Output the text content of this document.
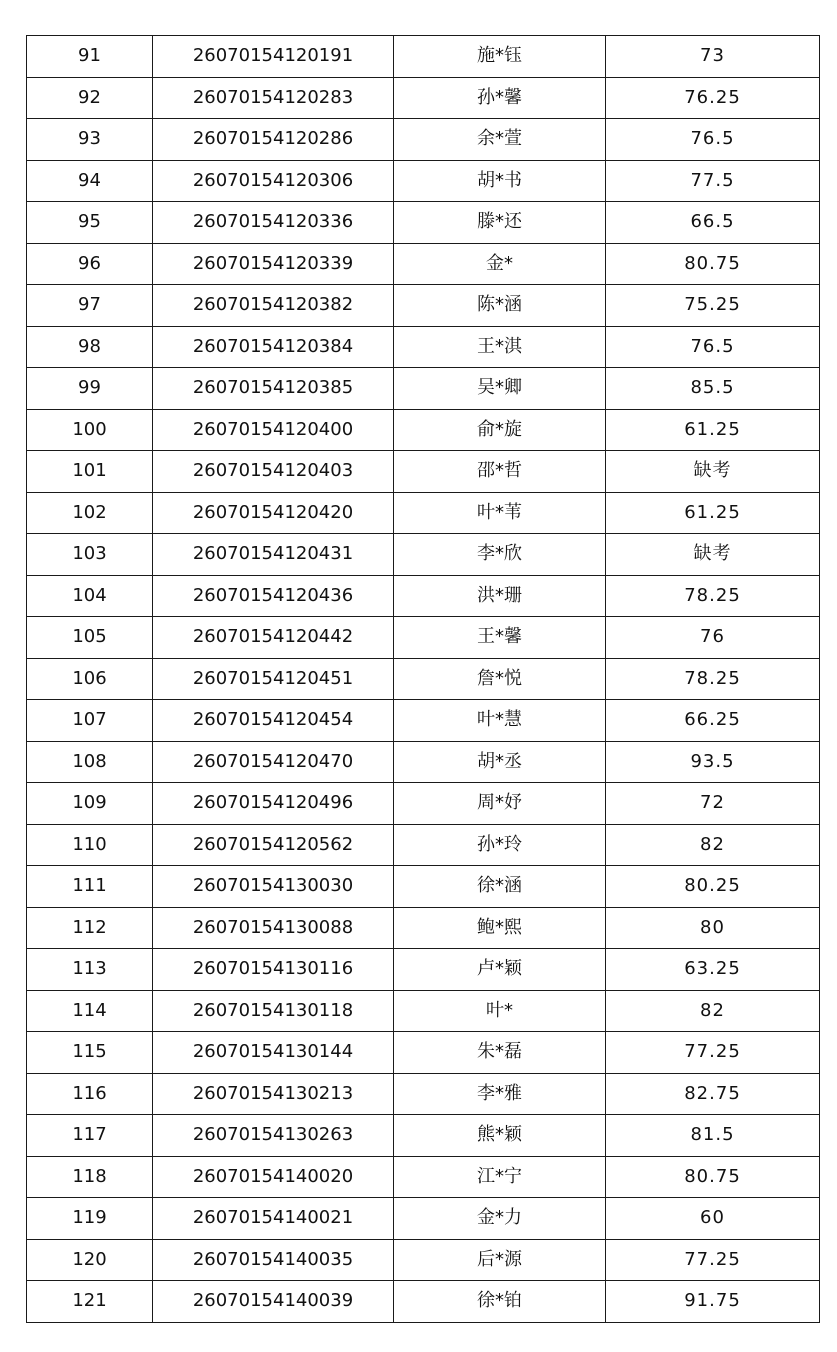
91	26070154120191	施*钰	73
92	26070154120283	孙*馨	76.25
93	26070154120286	余*萱	76.5
94	26070154120306	胡*书	77.5
95	26070154120336	滕*还	66.5
96	26070154120339	金*	80.75
97	26070154120382	陈*涵	75.25
98	26070154120384	王*淇	76.5
99	26070154120385	吴*卿	85.5
100	26070154120400	俞*旋	61.25
101	26070154120403	邵*哲	缺考
102	26070154120420	叶*苇	61.25
103	26070154120431	李*欣	缺考
104	26070154120436	洪*珊	78.25
105	26070154120442	王*馨	76
106	26070154120451	詹*悦	78.25
107	26070154120454	叶*慧	66.25
108	26070154120470	胡*丞	93.5
109	26070154120496	周*妤	72
110	26070154120562	孙*玲	82
111	26070154130030	徐*涵	80.25
112	26070154130088	鲍*熙	80
113	26070154130116	卢*颖	63.25
114	26070154130118	叶*	82
115	26070154130144	朱*磊	77.25
116	26070154130213	李*雅	82.75
117	26070154130263	熊*颖	81.5
118	26070154140020	江*宁	80.75
119	26070154140021	金*力	60
120	26070154140035	后*源	77.25
121	26070154140039	徐*铂	91.75
